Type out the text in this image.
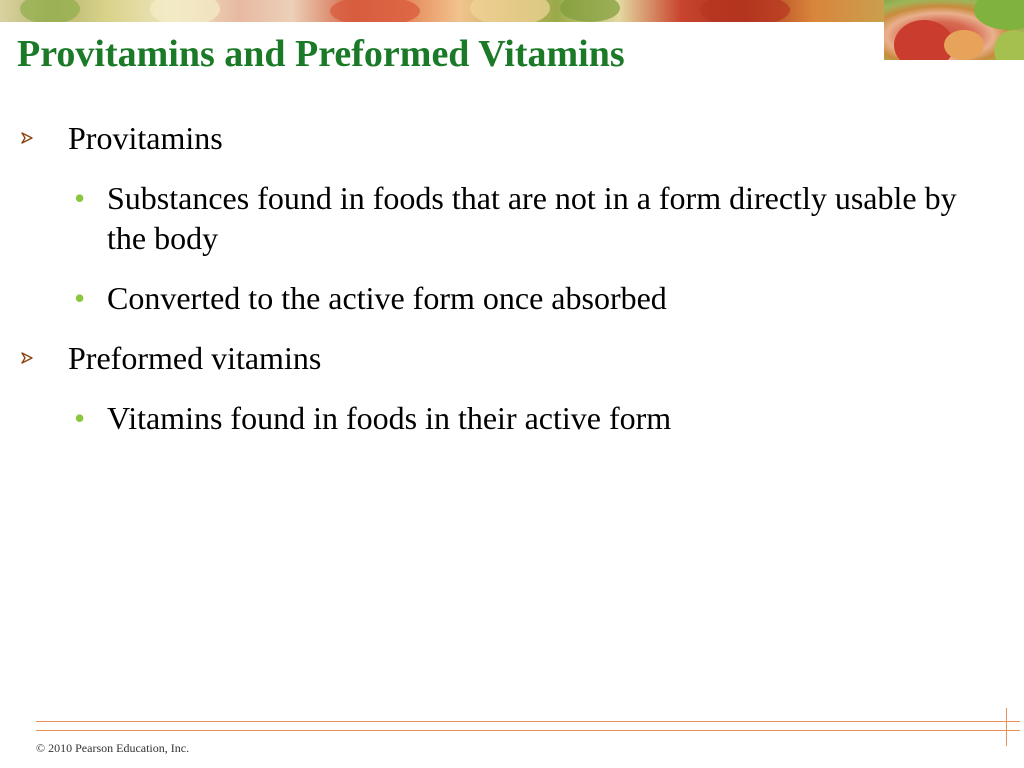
Provitamins and Preformed Vitamins
Provitamins
• Substances found in foods that are not in a form directly usable by the body
• Converted to the active form once absorbed
Preformed vitamins
• Vitamins found in foods in their active form
© 2010 Pearson Education, Inc.
